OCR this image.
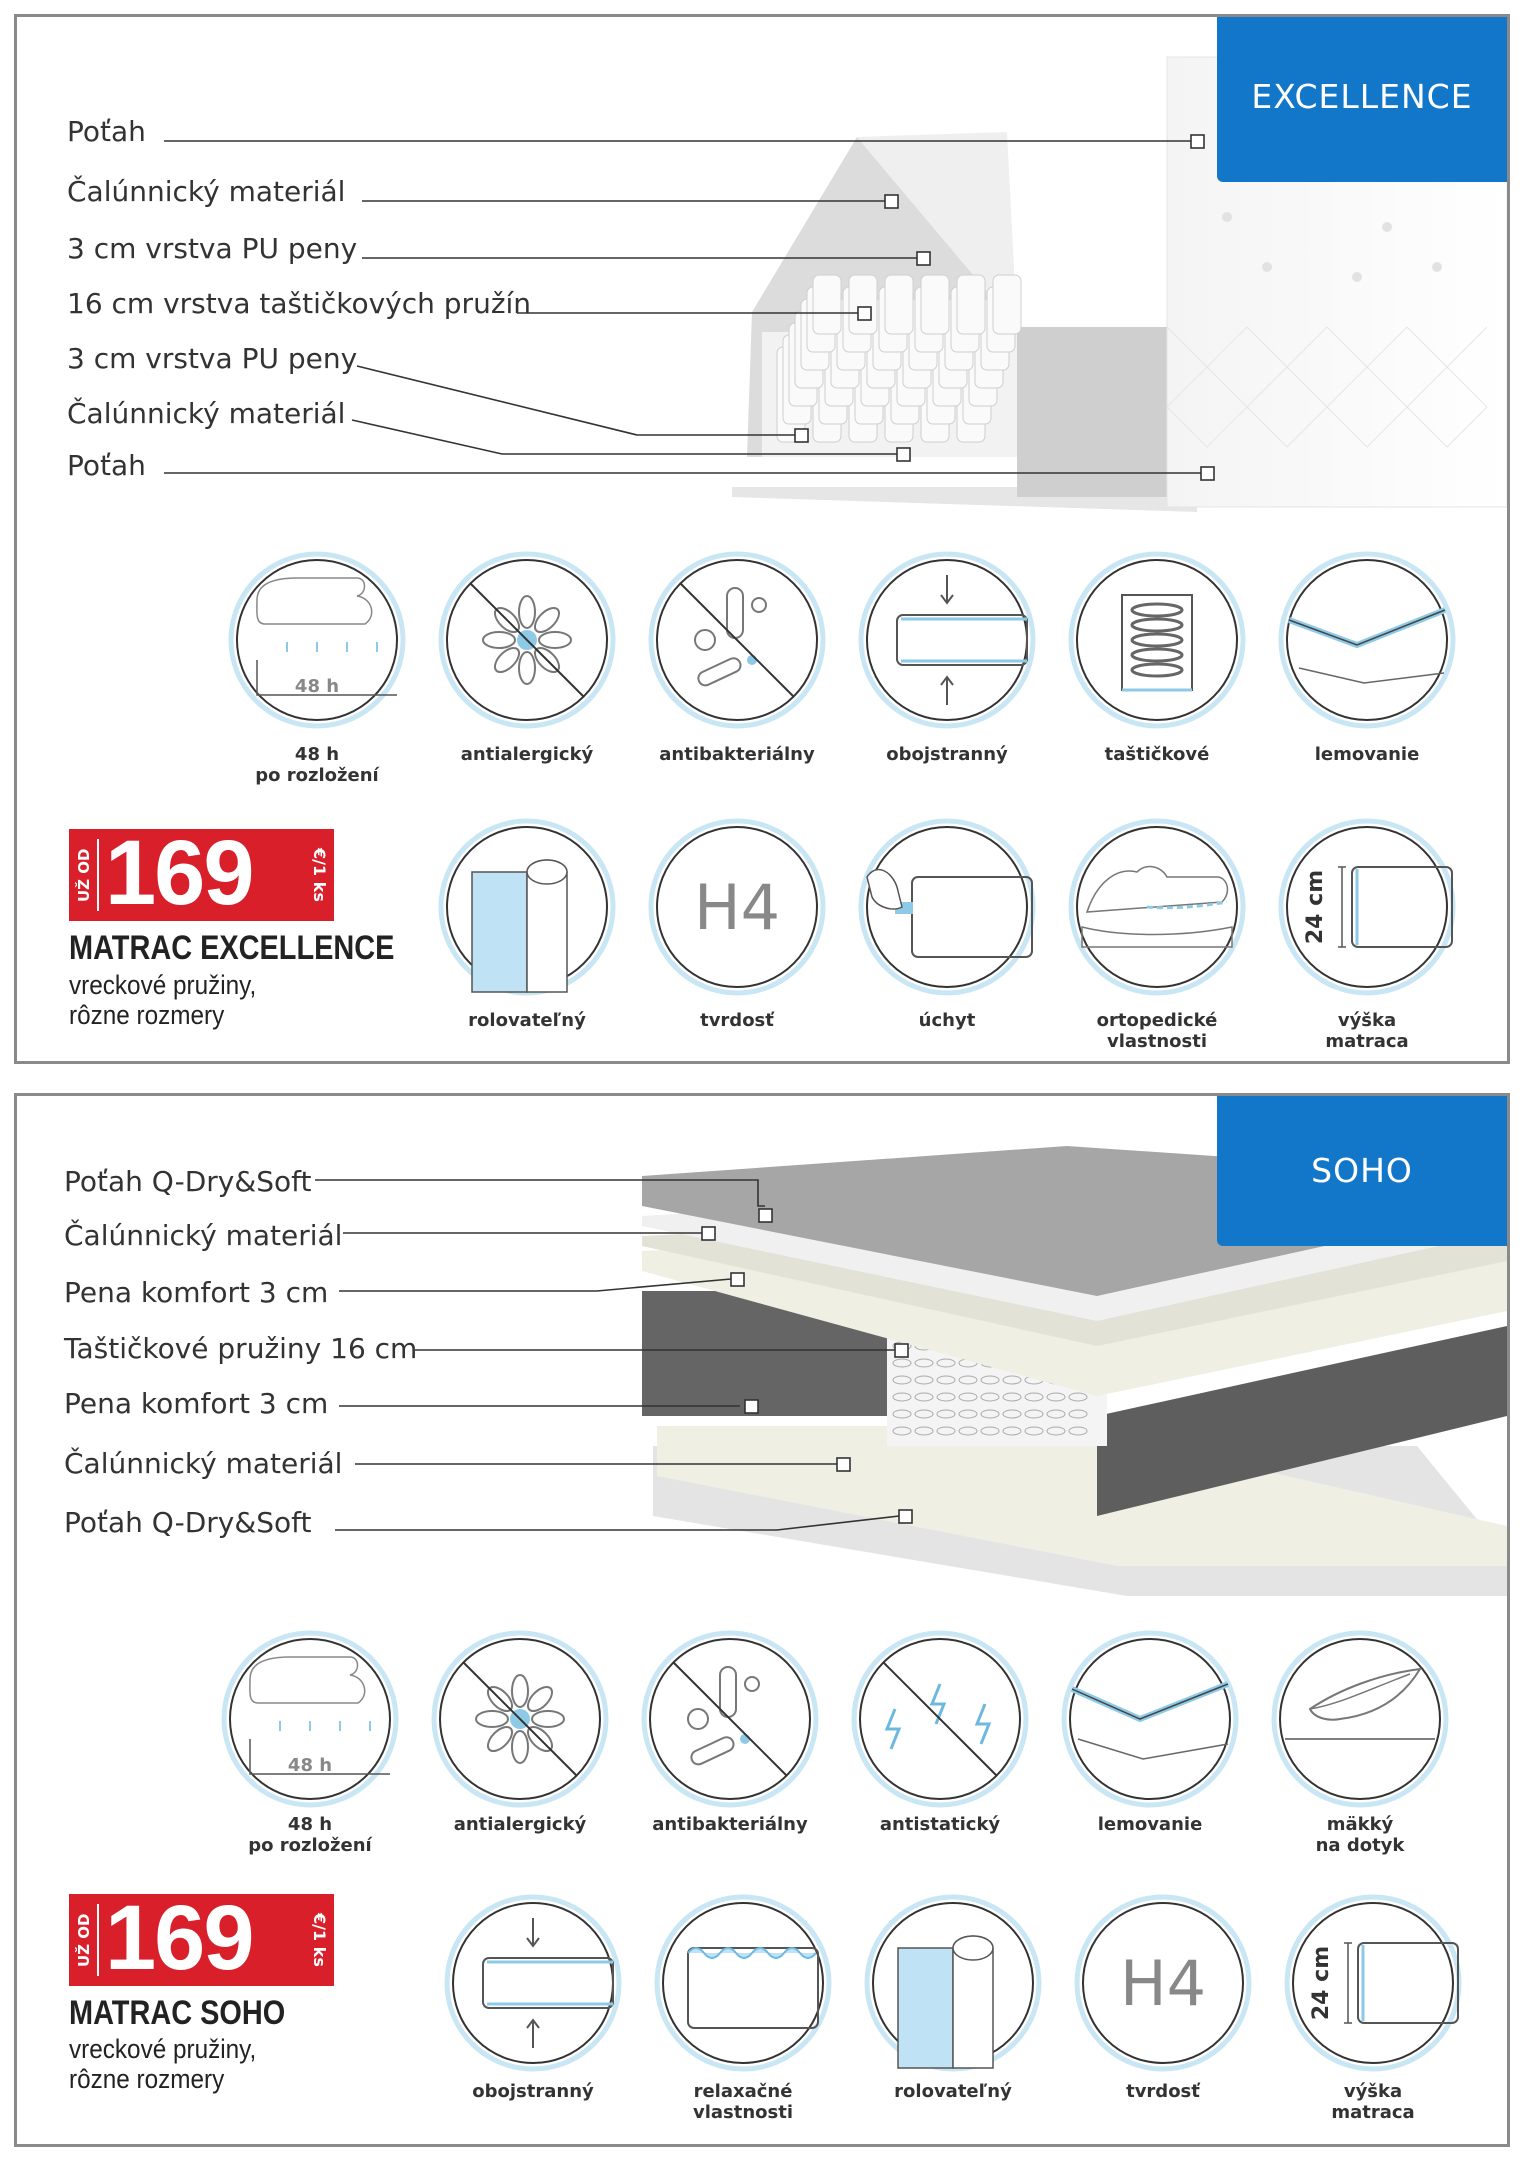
EXCELLENCE
Poťah
Čalúnnický materiál
3 cm vrstva PU peny
16 cm vrstva taštičkových pružín
3 cm vrstva PU peny
Čalúnnický materiál
Poťah
48 h
48 h
po rozložení
antialergický	antibakteriálny	obojstranný	taštičkové	lemovanie
H4	24 cm
rolovateľný	tvrdosť	úchyt	ortopedické
vlastnosti
výška
matraca
UŽ OD 169	€/1 ks
MATRAC EXCELLENCE
vreckové pružiny,
rôzne rozmery
SOHO
Poťah Q-Dry&Soft
Čalúnnický materiál
Pena komfort 3 cm
Taštičkové pružiny 16 cm
Pena komfort 3 cm
Čalúnnický materiál
Poťah Q-Dry&Soft
48 h
48 h
po rozložení
antialergický	antibakteriálny	antistatický	lemovanie	mäkký
na dotyk
H4	24 cm
obojstranný	relaxačné
vlastnosti
rolovateľný	tvrdosť	výška
matraca
UŽ OD 169	€/1 ks
MATRAC SOHO
vreckové pružiny,
rôzne rozmery
